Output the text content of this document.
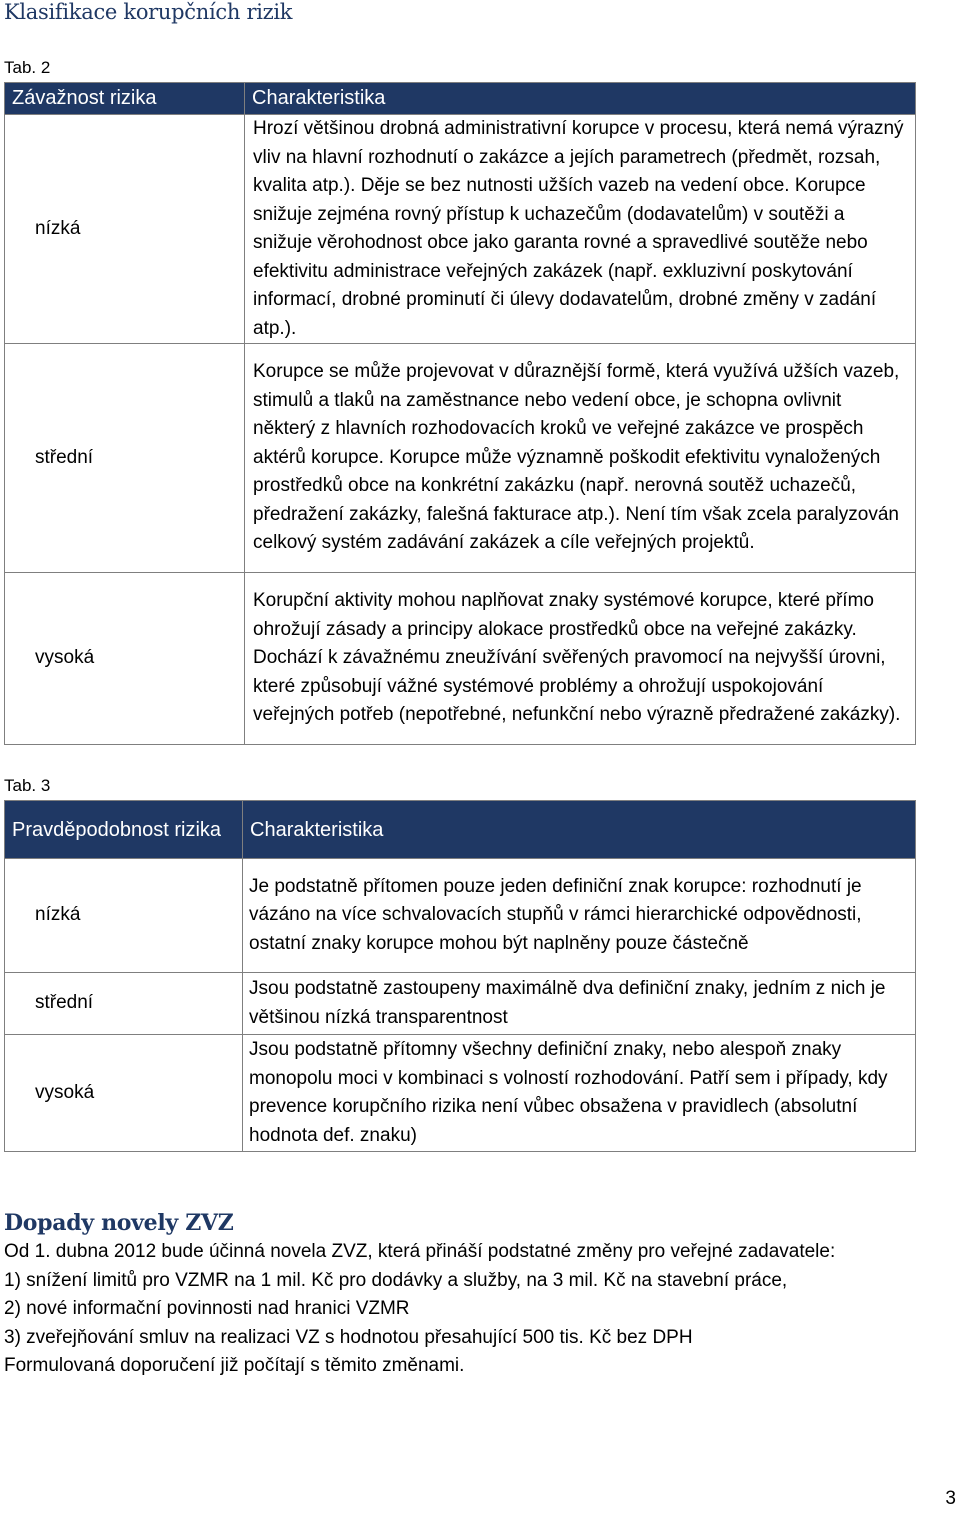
Klasifikace korupčních rizik
Tab. 2
Závažnost rizika	Charakteristika
nízká	Hrozí většinou drobná administrativní korupce v procesu, která nemá výrazný vliv na hlavní rozhodnutí o zakázce a jejích parametrech (předmět, rozsah, kvalita atp.). Děje se bez nutnosti užších vazeb na vedení obce. Korupce snižuje zejména rovný přístup k uchazečům (dodavatelům) v soutěži a snižuje věrohodnost obce jako garanta rovné a spravedlivé soutěže nebo efektivitu administrace veřejných zakázek (např. exkluzivní poskytování informací, drobné prominutí či úlevy dodavatelům, drobné změny v zadání atp.).
střední	Korupce se může projevovat v důraznější formě, která využívá užších vazeb, stimulů a tlaků na zaměstnance nebo vedení obce, je schopna ovlivnit některý z hlavních rozhodovacích kroků ve veřejné zakázce ve prospěch aktérů korupce. Korupce může významně poškodit efektivitu vynaložených prostředků obce na konkrétní zakázku (např. nerovná soutěž uchazečů, předražení zakázky, falešná fakturace atp.). Není tím však zcela paralyzován celkový systém zadávání zakázek a cíle veřejných projektů.
vysoká	Korupční aktivity mohou naplňovat znaky systémové korupce, které přímo ohrožují zásady a principy alokace prostředků obce na veřejné zakázky. Dochází k závažnému zneužívání svěřených pravomocí na nejvyšší úrovni, které způsobují vážné systémové problémy a ohrožují uspokojování veřejných potřeb (nepotřebné, nefunkční nebo výrazně předražené zakázky).
Tab. 3
Pravděpodobnost rizika	Charakteristika
nízká	Je podstatně přítomen pouze jeden definiční znak korupce: rozhodnutí je vázáno na více schvalovacích stupňů v rámci hierarchické odpovědnosti, ostatní znaky korupce mohou být naplněny pouze částečně
střední	Jsou podstatně zastoupeny maximálně dva definiční znaky, jedním z nich je většinou nízká transparentnost
vysoká	Jsou podstatně přítomny všechny definiční znaky, nebo alespoň znaky monopolu moci v kombinaci s volností rozhodování. Patří sem i případy, kdy prevence korupčního rizika není vůbec obsažena v pravidlech (absolutní hodnota def. znaku)
Dopady novely ZVZ
Od 1. dubna 2012 bude účinná novela ZVZ, která přináší podstatné změny pro veřejné zadavatele:
1) snížení limitů pro VZMR na 1 mil. Kč pro dodávky a služby, na 3 mil. Kč na stavební práce,
2) nové informační povinnosti nad hranici VZMR
3) zveřejňování smluv na realizaci VZ s hodnotou přesahující 500 tis. Kč bez DPH
Formulovaná doporučení již počítají s těmito změnami.
3
